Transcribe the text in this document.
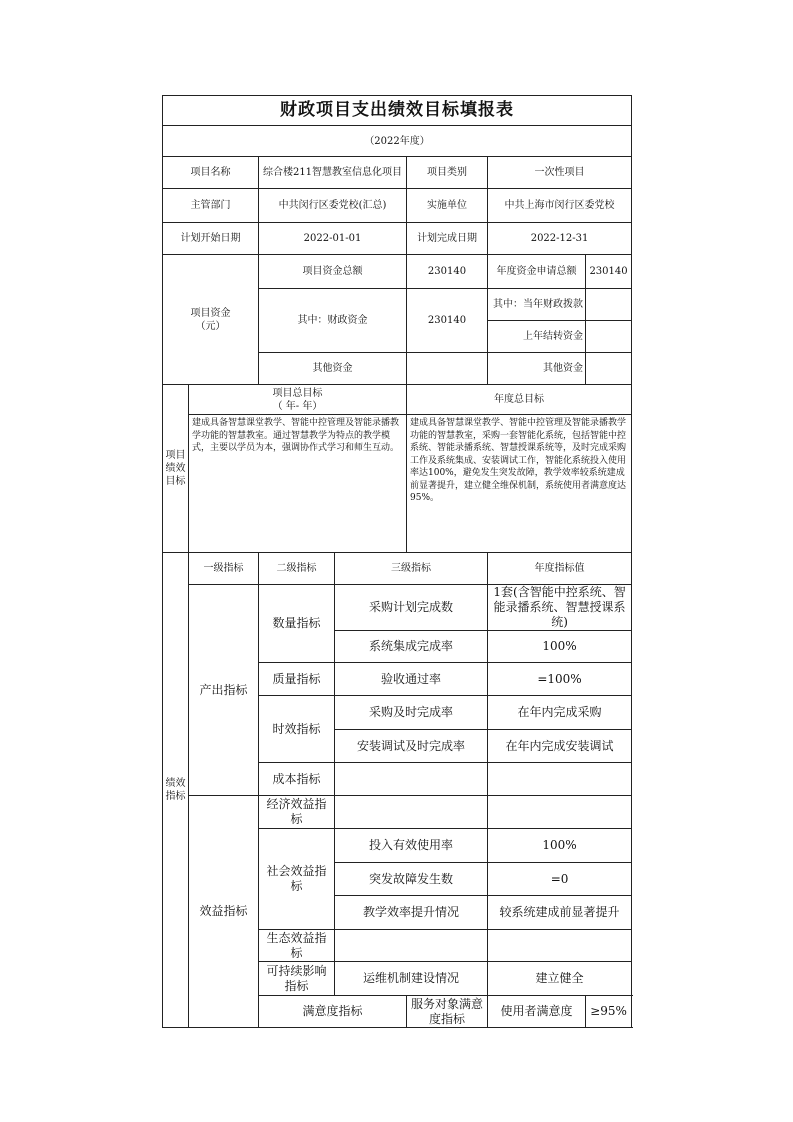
财政项目支出绩效目标填报表						
（2022年度）						
项目名称		综合楼211智慧教室信息化项目		项目类别	一次性项目	
主管部门		中共闵行区委党校(汇总)		实施单位	中共上海市闵行区委党校	
计划开始日期		2022-01-01		计划完成日期	2022-12-31	
项目资金
（元）		项目资金总额		230140	年度资金申请总额	230140
		其中：财政资金		230140	其中：当年财政拨款	
					上年结转资金	
		其他资金			其他资金	
项目
绩效
目标	项目总目标
（ 年- 年）			年度总目标		
	建成具备智慧课堂教学、智能中控管理及智能录播教学功能的智慧教室。通过智慧教学为特点的教学模式，主要以学员为本，强调协作式学习和师生互动。			建成具备智慧课堂教学、智能中控管理及智能录播教学功能的智慧教室，采购一套智能化系统，包括智能中控系统、智能录播系统、智慧授课系统等，及时完成采购工作及系统集成、安装调试工作，智能化系统投入使用率达100%，避免发生突发故障，教学效率较系统建成前显著提升，建立健全维保机制，系统使用者满意度达95%。		
绩效
指标	一级指标	二级指标	三级指标		年度指标值	
	产出指标	数量指标	采购计划完成数		1套(含智能中控系统、智能录播系统、智慧授课系统)	
			系统集成完成率		100%	
		质量指标	验收通过率		=100%	
		时效指标	采购及时完成率		在年内完成采购	
			安装调试及时完成率		在年内完成安装调试	
		成本指标				
	效益指标	经济效益指标				
		社会效益指标	投入有效使用率		100%	
			突发故障发生数		=0	
			教学效率提升情况		较系统建成前显著提升	
		生态效益指标				
		可持续影响指标	运维机制建设情况		建立健全	
		满意度指标		服务对象满意度指标	使用者满意度	≥95%
